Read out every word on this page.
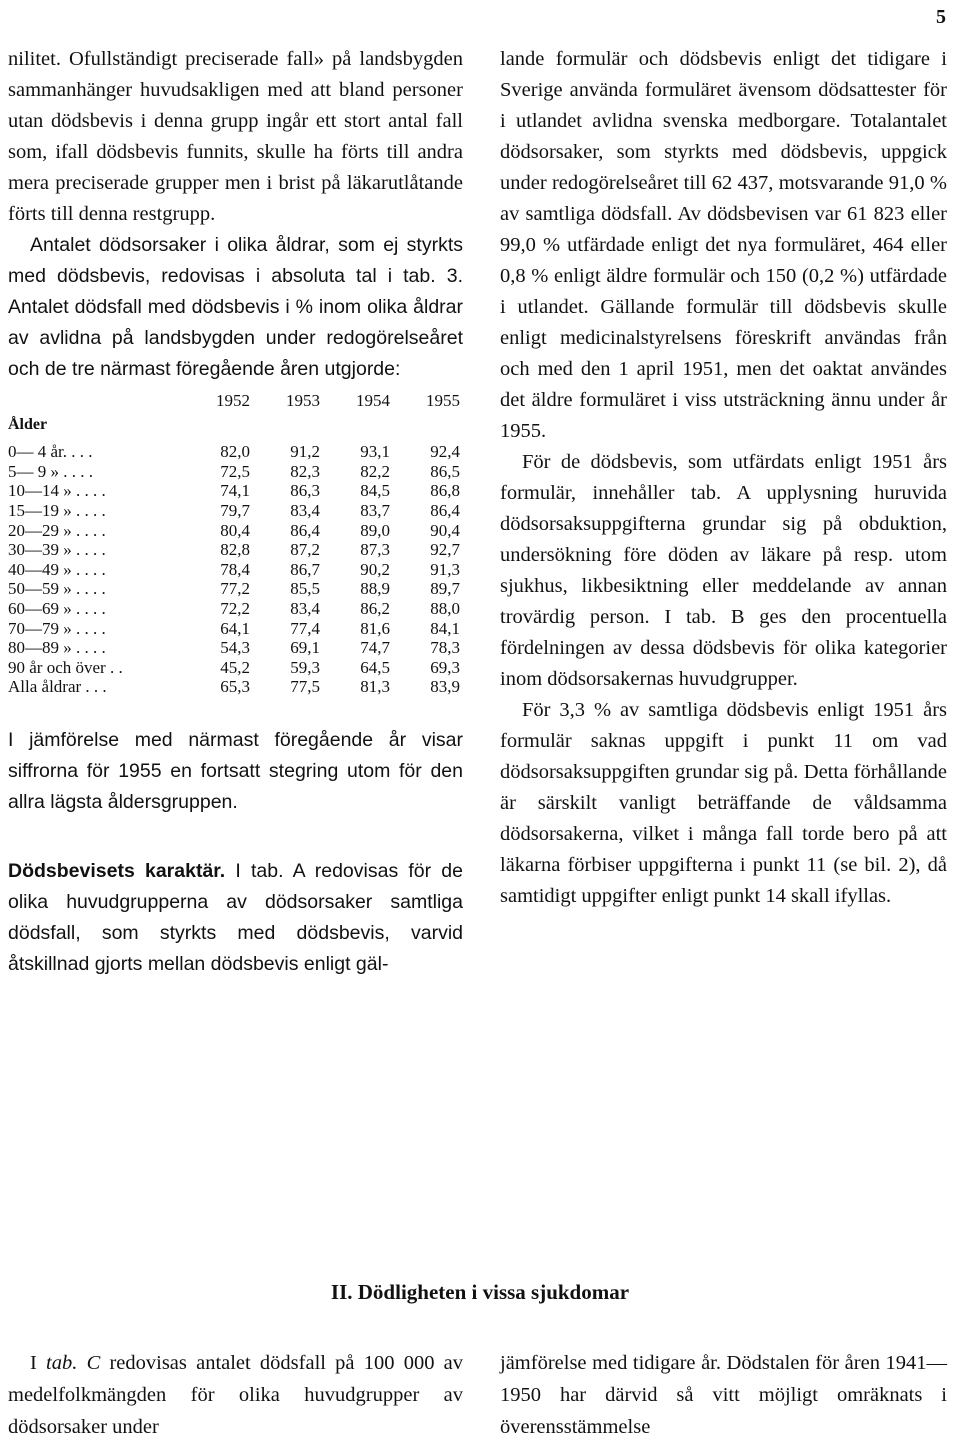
5

nilitet. Ofullständigt preciserade fall» på landsbygden sammanhänger huvudsakligen med att bland personer utan dödsbevis i denna grupp ingår ett stort antal fall som, ifall dödsbevis funnits, skulle ha förts till andra mera preciserade grupper men i brist på läkarutlåtande förts till denna restgrupp.

Antalet dödsorsaker i olika åldrar, som ej styrkts med dödsbevis, redovisas i absoluta tal i tab. 3. Antalet dödsfall med dödsbevis i % inom olika åldrar av avlidna på landsbygden under redogörelseåret och de tre närmast föregående åren utgjorde:

	1952	1953	1954	1955
Ålder				
0— 4 år. . . .	82,0	91,2	93,1	92,4
5— 9 » . . . .	72,5	82,3	82,2	86,5
10—14 » . . . .	74,1	86,3	84,5	86,8
15—19 » . . . .	79,7	83,4	83,7	86,4
20—29 » . . . .	80,4	86,4	89,0	90,4
30—39 » . . . .	82,8	87,2	87,3	92,7
40—49 » . . . .	78,4	86,7	90,2	91,3
50—59 » . . . .	77,2	85,5	88,9	89,7
60—69 » . . . .	72,2	83,4	86,2	88,0
70—79 » . . . .	64,1	77,4	81,6	84,1
80—89 » . . . .	54,3	69,1	74,7	78,3
90 år och över . .	45,2	59,3	64,5	69,3
Alla åldrar . . .	65,3	77,5	81,3	83,9

I jämförelse med närmast föregående år visar siffrorna för 1955 en fortsatt stegring utom för den allra lägsta åldersgruppen.

Dödsbevisets karaktär. I tab. A redovisas för de olika huvudgrupperna av dödsorsaker samtliga dödsfall, som styrkts med dödsbevis, varvid åtskillnad gjorts mellan dödsbevis enligt gäl-

lande formulär och dödsbevis enligt det tidigare i Sverige använda formuläret ävensom dödsattester för i utlandet avlidna svenska medborgare. Totalantalet dödsorsaker, som styrkts med dödsbevis, uppgick under redogörelseåret till 62 437, motsvarande 91,0 % av samtliga dödsfall. Av dödsbevisen var 61 823 eller 99,0 % utfärdade enligt det nya formuläret, 464 eller 0,8 % enligt äldre formulär och 150 (0,2 %) utfärdade i utlandet. Gällande formulär till dödsbevis skulle enligt medicinalstyrelsens föreskrift användas från och med den 1 april 1951, men det oaktat användes det äldre formuläret i viss utsträckning ännu under år 1955.

För de dödsbevis, som utfärdats enligt 1951 års formulär, innehåller tab. A upplysning huruvida dödsorsaksuppgifterna grundar sig på obduktion, undersökning före döden av läkare på resp. utom sjukhus, likbesiktning eller meddelande av annan trovärdig person. I tab. B ges den procentuella fördelningen av dessa dödsbevis för olika kategorier inom dödsorsakernas huvudgrupper.

För 3,3 % av samtliga dödsbevis enligt 1951 års formulär saknas uppgift i punkt 11 om vad dödsorsaksuppgiften grundar sig på. Detta förhållande är särskilt vanligt beträffande de våldsamma dödsorsakerna, vilket i många fall torde bero på att läkarna förbiser uppgifterna i punkt 11 (se bil. 2), då samtidigt uppgifter enligt punkt 14 skall ifyllas.

II. Dödligheten i vissa sjukdomar

I tab. C redovisas antalet dödsfall på 100 000 av medelfolkmängden för olika huvudgrupper av dödsorsaker under

jämförelse med tidigare år. Dödstalen för åren 1941—1950 har därvid så vitt möjligt omräknats i överensstämmelse
